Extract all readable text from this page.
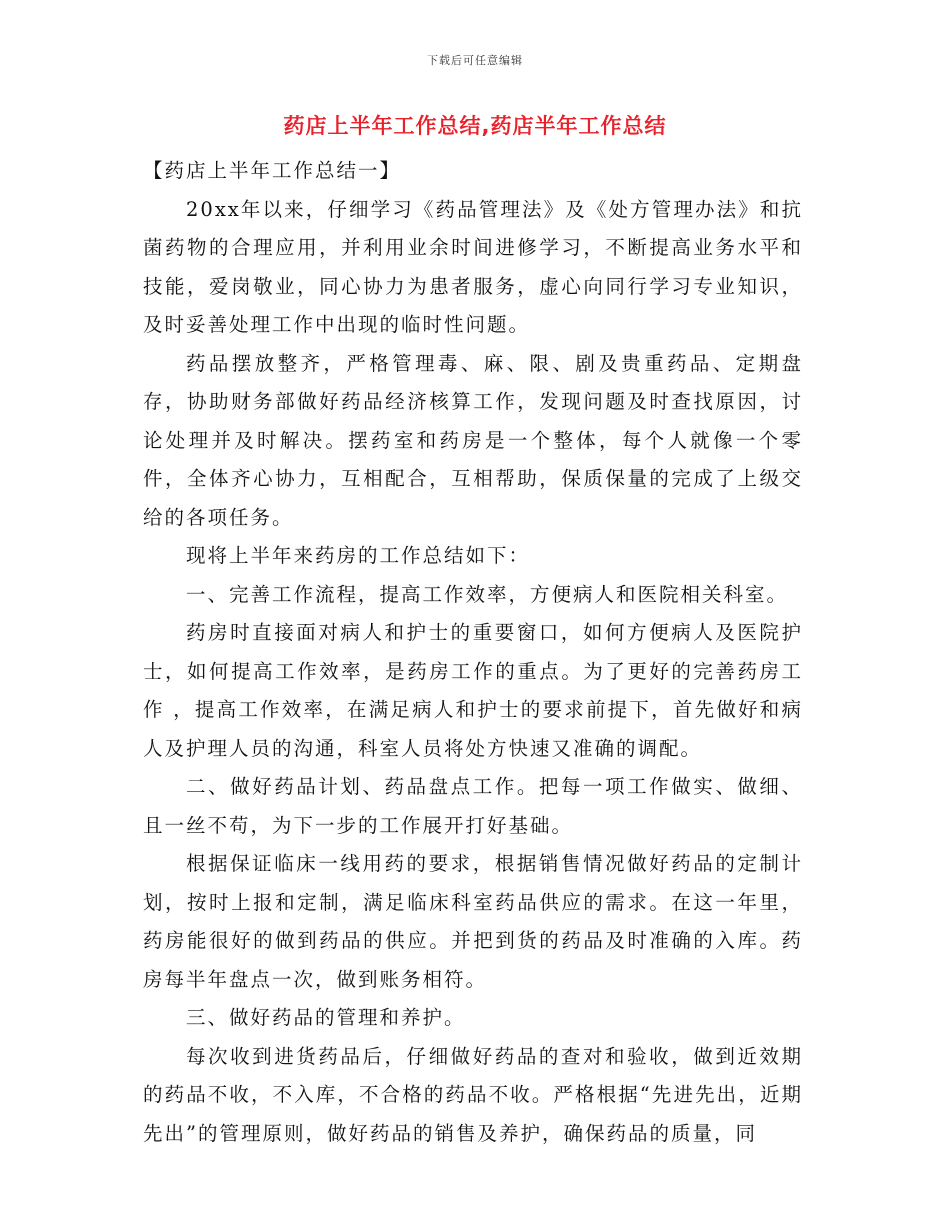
下载后可任意编辑
药店上半年工作总结,药店半年工作总结

【药店上半年工作总结一】

20xx年以来，仔细学习《药品管理法》及《处方管理办法》和抗菌药物的合理应用，并利用业余时间进修学习，不断提高业务水平和技能，爱岗敬业，同心协力为患者服务，虚心向同行学习专业知识，及时妥善处理工作中出现的临时性问题。

药品摆放整齐，严格管理毒、麻、限、剧及贵重药品、定期盘存，协助财务部做好药品经济核算工作，发现问题及时查找原因，讨论处理并及时解决。摆药室和药房是一个整体，每个人就像一个零件，全体齐心协力，互相配合，互相帮助，保质保量的完成了上级交给的各项任务。

现将上半年来药房的工作总结如下：

一、完善工作流程，提高工作效率，方便病人和医院相关科室。

药房时直接面对病人和护士的重要窗口，如何方便病人及医院护士，如何提高工作效率，是药房工作的重点。为了更好的完善药房工作 ，提高工作效率，在满足病人和护士的要求前提下，首先做好和病人及护理人员的沟通，科室人员将处方快速又准确的调配。

二、做好药品计划、药品盘点工作。把每一项工作做实、做细、且一丝不苟，为下一步的工作展开打好基础。

根据保证临床一线用药的要求，根据销售情况做好药品的定制计划，按时上报和定制，满足临床科室药品供应的需求。在这一年里，药房能很好的做到药品的供应。并把到货的药品及时准确的入库。药房每半年盘点一次，做到账务相符。

三、做好药品的管理和养护。

每次收到进货药品后，仔细做好药品的查对和验收，做到近效期的药品不收，不入库，不合格的药品不收。严格根据“先进先出，近期先出”的管理原则，做好药品的销售及养护，确保药品的质量，同
